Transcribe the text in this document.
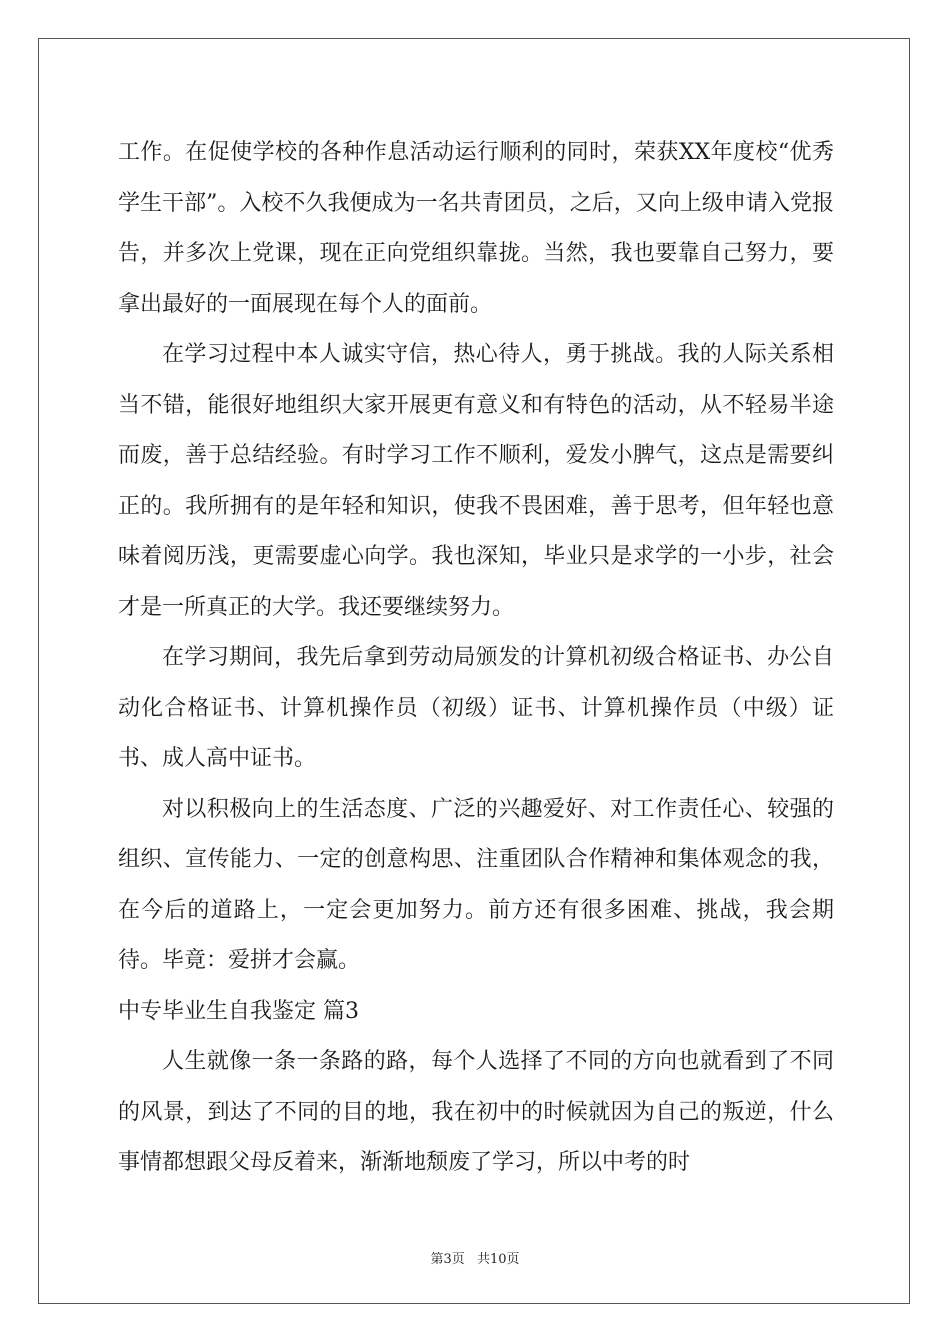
工作。在促使学校的各种作息活动运行顺利的同时，荣获XX年度校“优秀学生干部”。入校不久我便成为一名共青团员，之后，又向上级申请入党报告，并多次上党课，现在正向党组织靠拢。当然，我也要靠自己努力，要拿出最好的一面展现在每个人的面前。

在学习过程中本人诚实守信，热心待人，勇于挑战。我的人际关系相当不错，能很好地组织大家开展更有意义和有特色的活动，从不轻易半途而废，善于总结经验。有时学习工作不顺利，爱发小脾气，这点是需要纠正的。我所拥有的是年轻和知识，使我不畏困难，善于思考，但年轻也意味着阅历浅，更需要虚心向学。我也深知，毕业只是求学的一小步，社会才是一所真正的大学。我还要继续努力。

在学习期间，我先后拿到劳动局颁发的计算机初级合格证书、办公自动化合格证书、计算机操作员（初级）证书、计算机操作员（中级）证书、成人高中证书。

对以积极向上的生活态度、广泛的兴趣爱好、对工作责任心、较强的组织、宣传能力、一定的创意构思、注重团队合作精神和集体观念的我，在今后的道路上，一定会更加努力。前方还有很多困难、挑战，我会期待。毕竟：爱拼才会赢。

中专毕业生自我鉴定 篇3

人生就像一条一条路的路，每个人选择了不同的方向也就看到了不同的风景，到达了不同的目的地，我在初中的时候就因为自己的叛逆，什么事情都想跟父母反着来，渐渐地颓废了学习，所以中考的时

第3页 共10页
